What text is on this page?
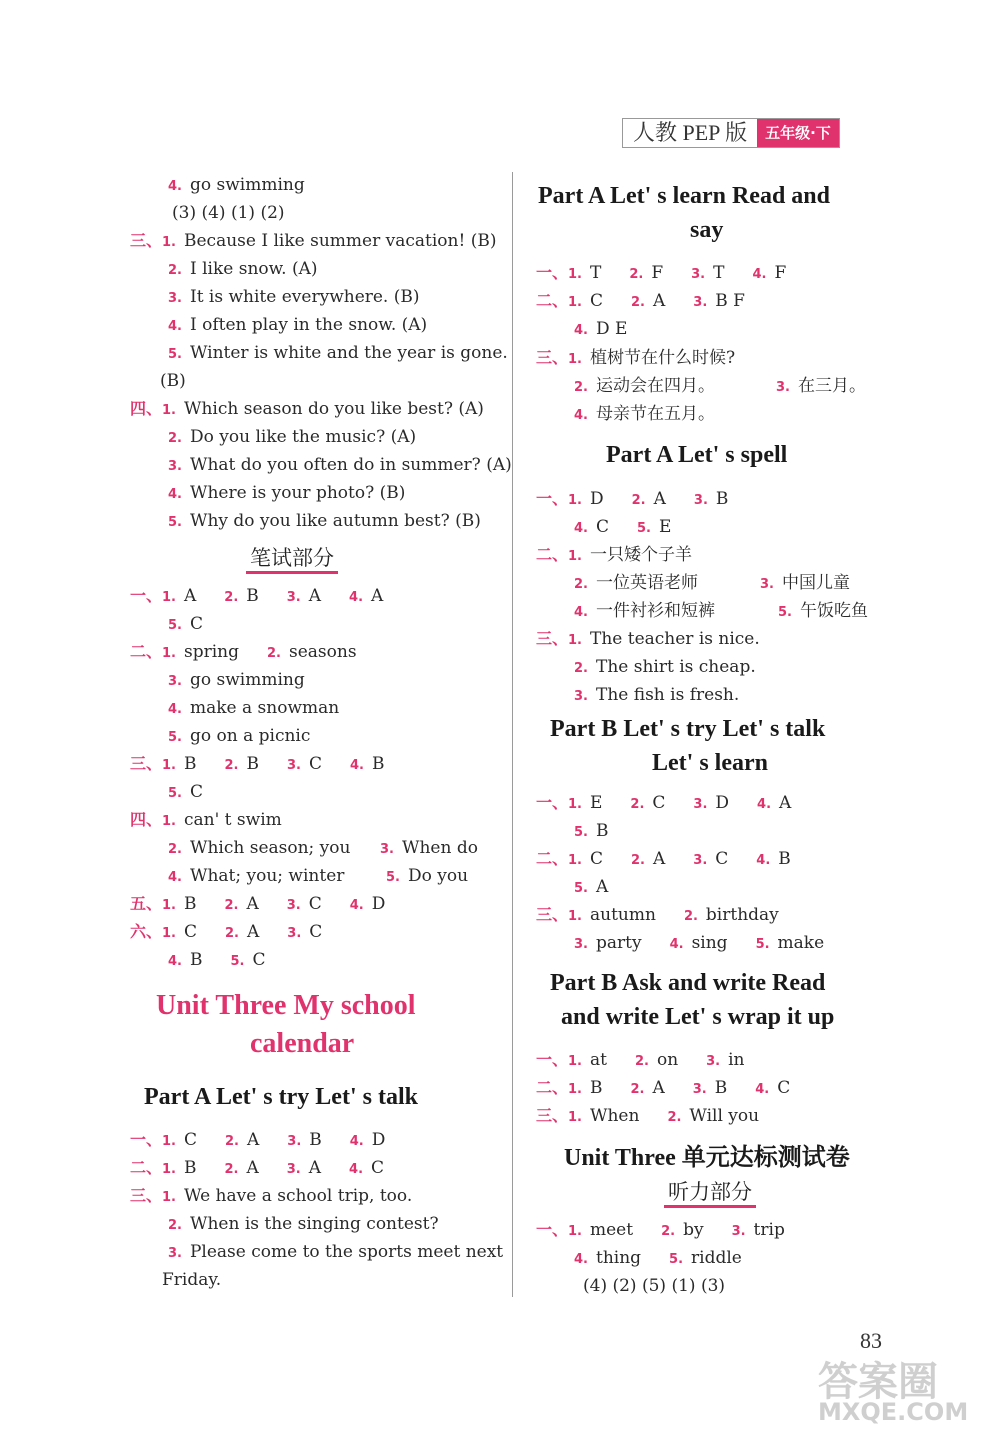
人教 PEP 版	五年级·下
4. go swimming
(3) (4) (1) (2)
三、1. Because I like summer vacation! (B)
2. I like snow. (A)
3. It is white everywhere. (B)
4. I often play in the snow. (A)
5. Winter is white and the year is gone.
(B)
四、1. Which season do you like best? (A)
2. Do you like the music? (A)
3. What do you often do in summer? (A)
4. Where is your photo? (B)
5. Why do you like autumn best? (B)
笔试部分
一、1. A 2. B 3. A 4. A
5. C
二、1. spring 2. seasons
3. go swimming
4. make a snowman
5. go on a picnic
三、1. B 2. B 3. C 4. B
5. C
四、1. can' t swim
2. Which season; you 3. When do
4. What; you; winter	5. Do you
五、1. B 2. A 3. C 4. D
六、1. C 2. A 3. C
4. B 5. C
Unit Three My school
calendar
Part A Let' s try Let' s talk
一、1. C 2. A 3. B 4. D
二、1. B 2. A 3. A 4. C
三、1. We have a school trip, too.
2. When is the singing contest?
3. Please come to the sports meet next
Friday.
Part A Let' s learn Read and
say
一、1. T 2. F 3. T 4. F
二、1. C 2. A 3. B F
4. D E
三、1. 植树节在什么时候?
2. 运动会在四月。	3. 在三月。
4. 母亲节在五月。
Part A Let' s spell
一、1. D 2. A 3. B
4. C 5. E
二、1. 一只矮个子羊
2. 一位英语老师	3. 中国儿童
4. 一件衬衫和短裤	5. 午饭吃鱼
三、1. The teacher is nice.
2. The shirt is cheap.
3. The fish is fresh.
Part B Let' s try Let' s talk
Let' s learn
一、1. E 2. C 3. D 4. A
5. B
二、1. C 2. A 3. C 4. B
5. A
三、1. autumn 2. birthday
3. party 4. sing 5. make
Part B Ask and write Read
and write Let' s wrap it up
一、1. at 2. on 3. in
二、1. B 2. A 3. B 4. C
三、1. When 2. Will you
Unit Three 单元达标测试卷
听力部分
一、1. meet 2. by 3. trip
4. thing 5. riddle
(4) (2) (5) (1) (3)
83
答案圈
MXQE.COM
